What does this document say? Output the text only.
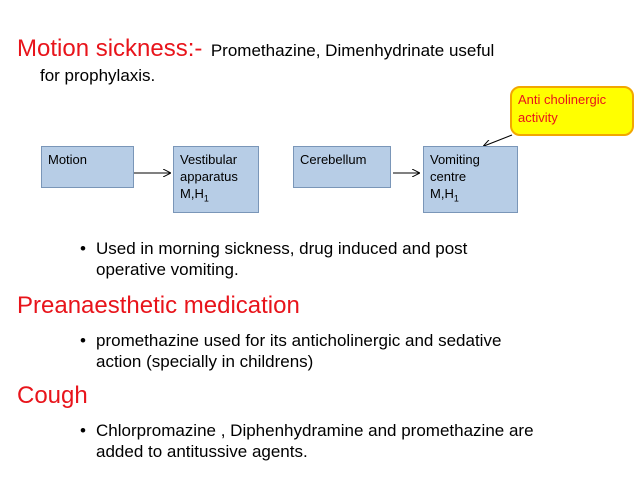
Motion sickness:- Promethazine, Dimenhydrinate useful
for prophylaxis.
Anti cholinergic
activity
Motion	Vestibular
apparatus
$M,H_1$
Cerebellum	Vomiting
centre
$M,H_1$
• Used in morning sickness, drug induced and post
operative vomiting.
Preanaesthetic medication
• promethazine used for its anticholinergic and sedative
action (specially in childrens)
Cough
• Chlorpromazine , Diphenhydramine and promethazine are
added to antitussive agents.
